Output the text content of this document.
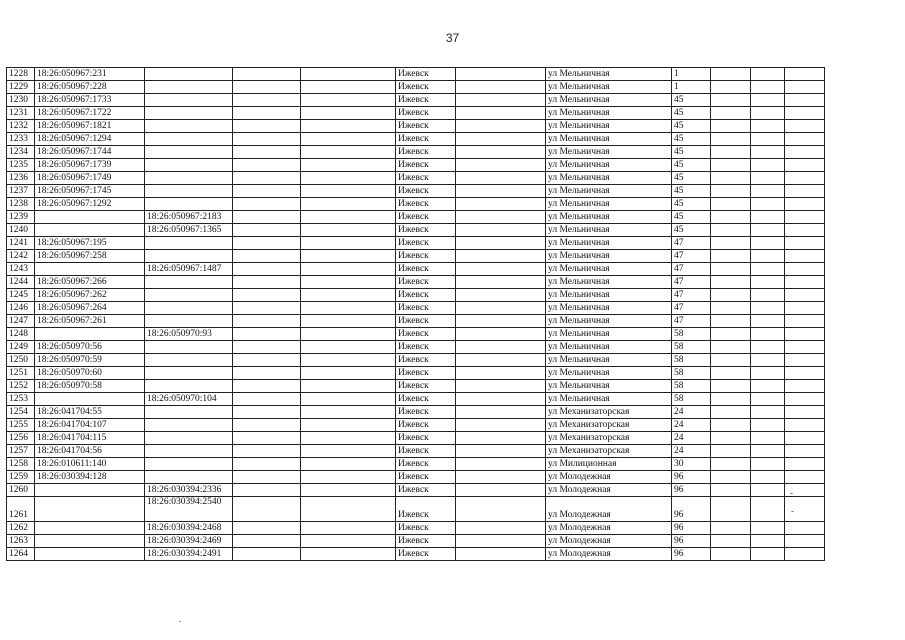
37
1228	18:26:050967:231				Ижевск		ул Мельничная	1			
1229	18:26:050967:228				Ижевск		ул Мельничная	1			
1230	18:26:050967:1733				Ижевск		ул Мельничная	45			
1231	18:26:050967:1722				Ижевск		ул Мельничная	45			
1232	18:26:050967:1821				Ижевск		ул Мельничная	45			
1233	18:26:050967:1294				Ижевск		ул Мельничная	45			
1234	18:26:050967:1744				Ижевск		ул Мельничная	45			
1235	18:26:050967:1739				Ижевск		ул Мельничная	45			
1236	18:26:050967:1749				Ижевск		ул Мельничная	45			
1237	18:26:050967:1745				Ижевск		ул Мельничная	45			
1238	18:26:050967:1292				Ижевск		ул Мельничная	45			
1239		18:26:050967:2183			Ижевск		ул Мельничная	45			
1240		18:26:050967:1365			Ижевск		ул Мельничная	45			
1241	18:26:050967:195				Ижевск		ул Мельничная	47			
1242	18:26:050967:258				Ижевск		ул Мельничная	47			
1243		18:26:050967:1487			Ижевск		ул Мельничная	47			
1244	18:26:050967:266				Ижевск		ул Мельничная	47			
1245	18:26:050967:262				Ижевск		ул Мельничная	47			
1246	18:26:050967:264				Ижевск		ул Мельничная	47			
1247	18:26:050967:261				Ижевск		ул Мельничная	47			
1248		18:26:050970:93			Ижевск		ул Мельничная	58			
1249	18:26:050970:56				Ижевск		ул Мельничная	58			
1250	18:26:050970:59				Ижевск		ул Мельничная	58			
1251	18:26:050970:60				Ижевск		ул Мельничная	58			
1252	18:26:050970:58				Ижевск		ул Мельничная	58			
1253		18:26:050970:104			Ижевск		ул Мельничная	58			
1254	18:26:041704:55				Ижевск		ул Механизаторская	24			
1255	18:26:041704:107				Ижевск		ул Механизаторская	24			
1256	18:26:041704:115				Ижевск		ул Механизаторская	24			
1257	18:26:041704:56				Ижевск		ул Механизаторская	24			
1258	18:26:010611:140				Ижевск		ул Милиционная	30			
1259	18:26:030394:128				Ижевск		ул Молодежная	96			
1260		18:26:030394:2336			Ижевск		ул Молодежная	96			
1261		18:26:030394:2540			Ижевск		ул Молодежная	96			
1262		18:26:030394:2468			Ижевск		ул Молодежная	96			
1263		18:26:030394:2469			Ижевск		ул Молодежная	96			
1264		18:26:030394:2491			Ижевск		ул Молодежная	96			
-
-
